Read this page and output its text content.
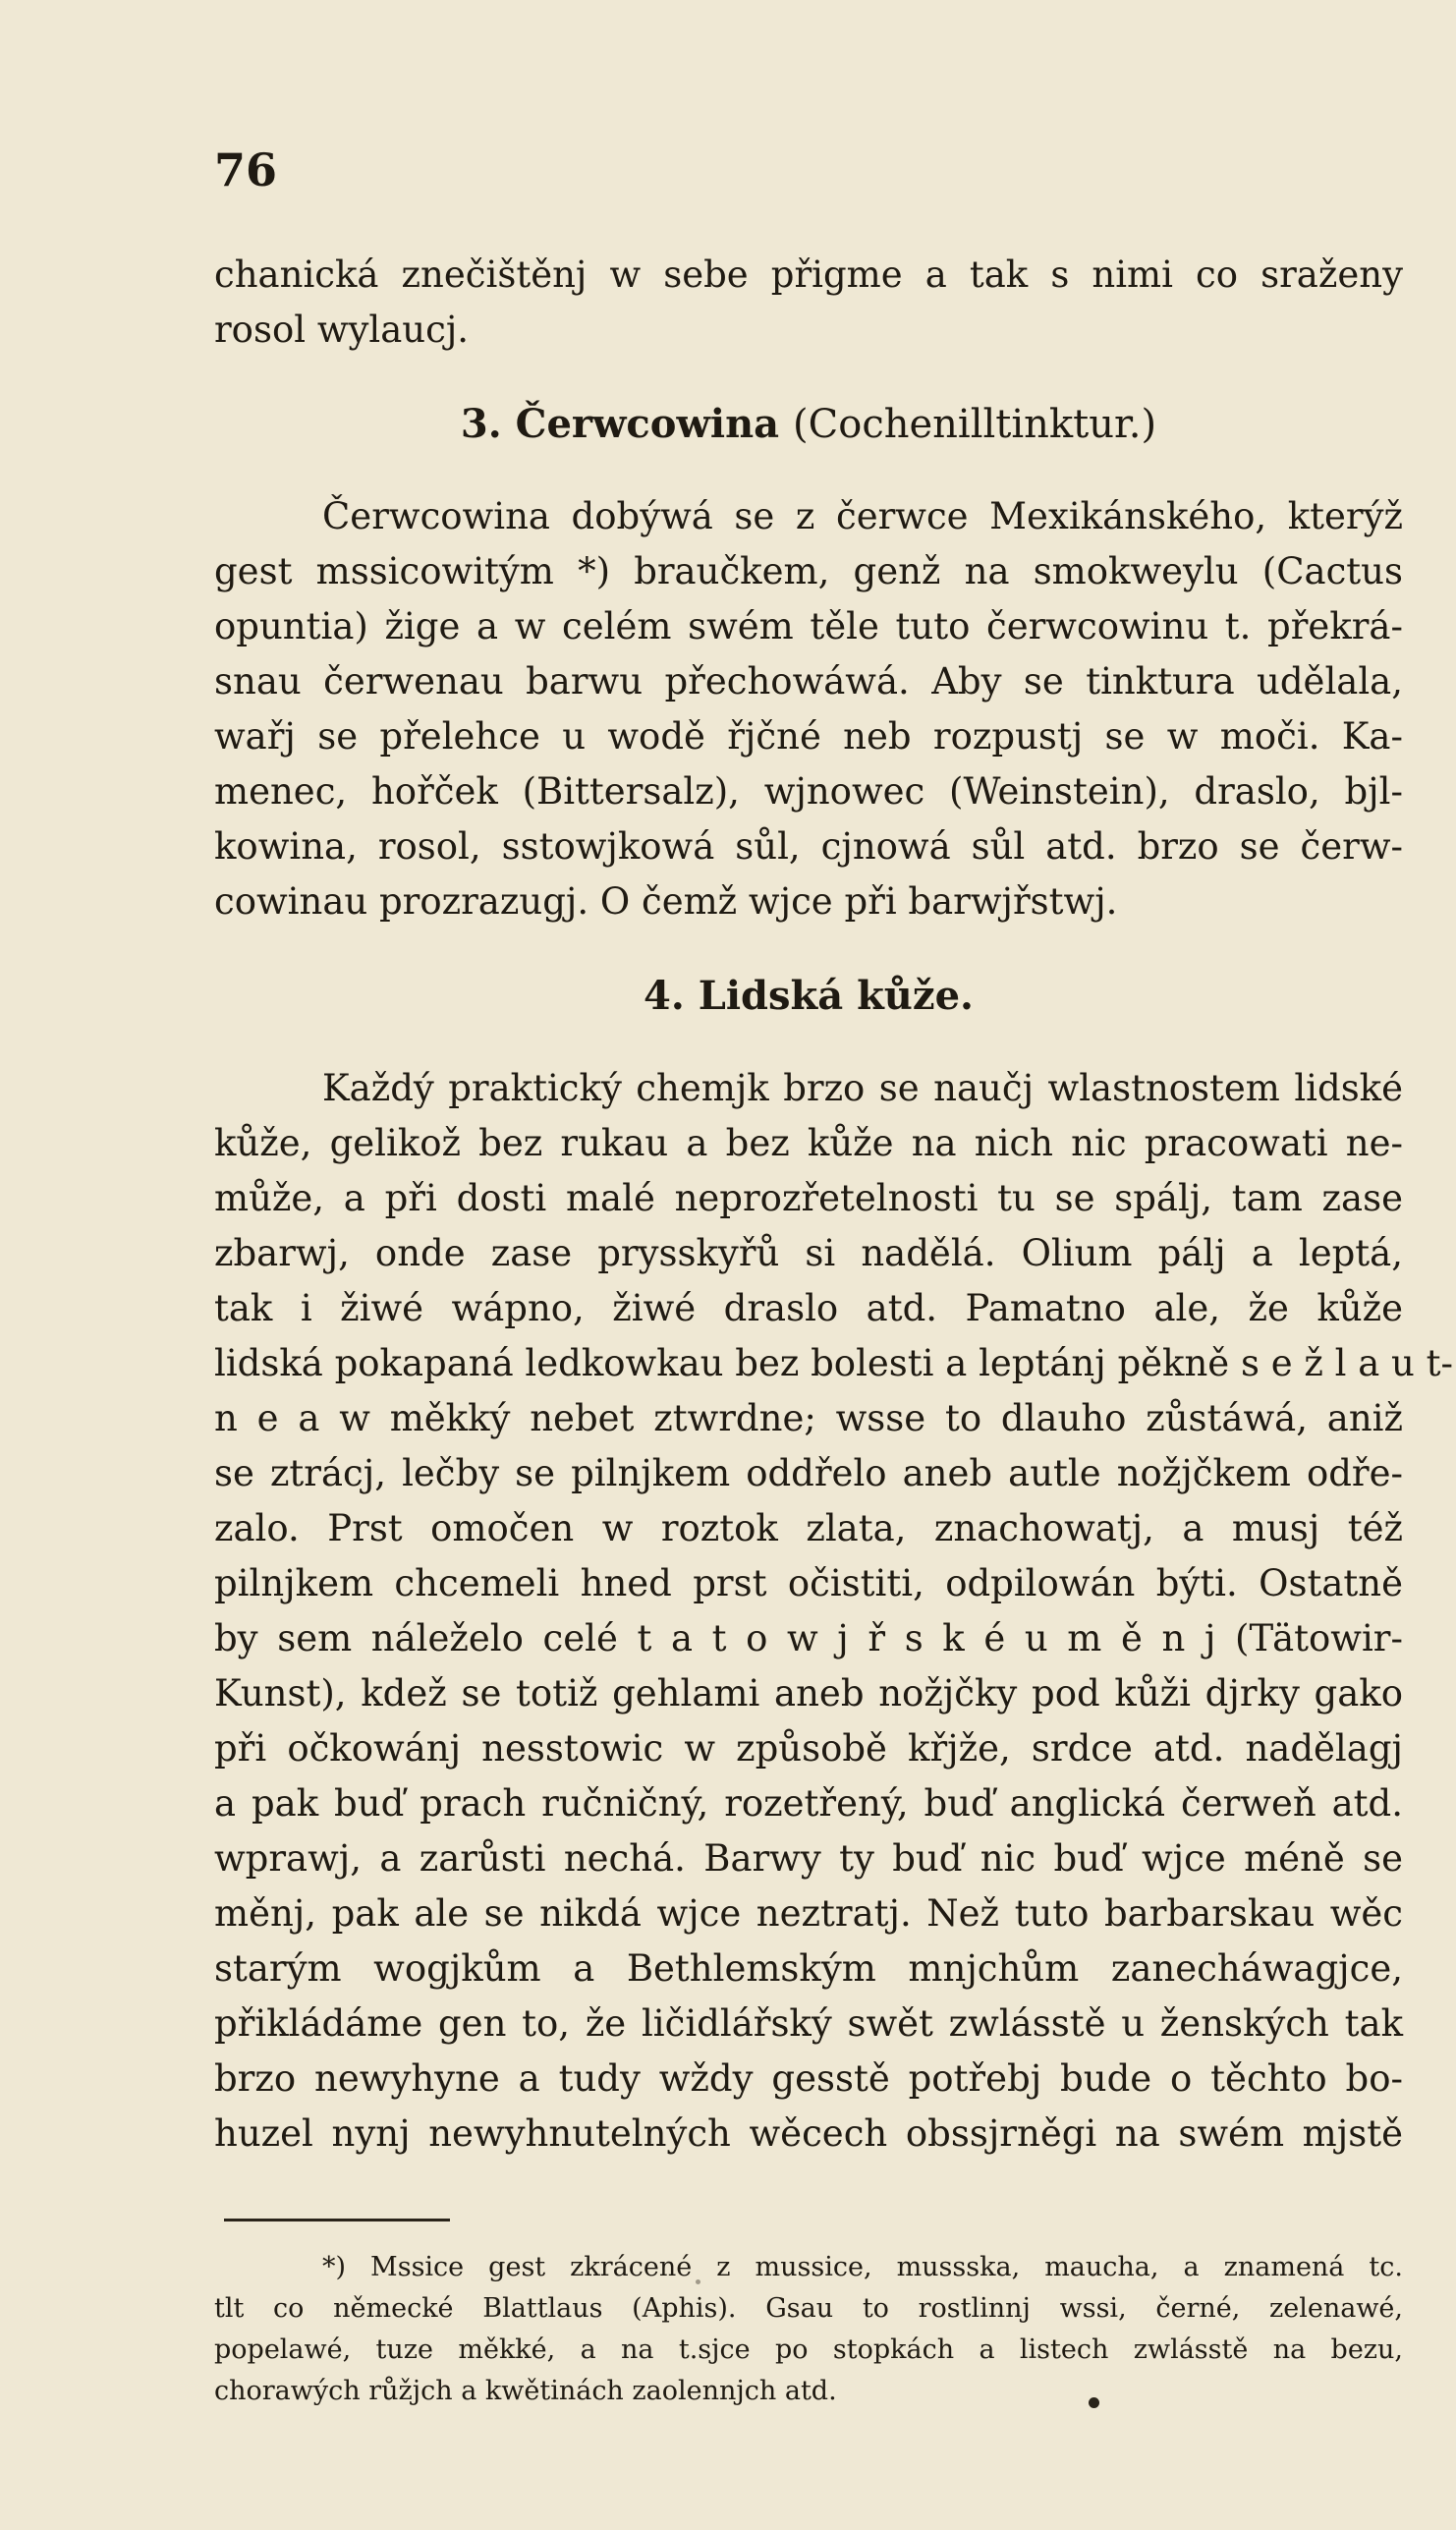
76
chanická znečištěnj w sebe přigme a tak s nimi co sraženy
rosol wylaucj.
3. Čerwcowina (Cochenilltinktur.)
Čerwcowina dobýwá se z čerwce Mexikánského, kterýž
gest mssicowitým *) braučkem, genž na smokweylu (Cactus
opuntia) žige a w celém swém těle tuto čerwcowinu t. překrá-
snau čerwenau barwu přechowáwá. Aby se tinktura udělala,
wařj se přelehce u wodě řjčné neb rozpustj se w moči. Ka-
menec, hořček (Bittersalz), wjnowec (Weinstein), draslo, bjl-
kowina, rosol, sstowjkowá sůl, cjnowá sůl atd. brzo se čerw-
cowinau prozrazugj. O čemž wjce při barwjřstwj.
4. Lidská kůže.
Každý praktický chemjk brzo se naučj wlastnostem lidské
kůže, gelikož bez rukau a bez kůže na nich nic pracowati ne-
může, a při dosti malé neprozřetelnosti tu se spálj, tam zase
zbarwj, onde zase prysskyřů si nadělá. Olium pálj a leptá,
tak i žiwé wápno, žiwé draslo atd. Pamatno ale, že kůže
lidská pokapaná ledkowkau bez bolesti a leptánj pěkně s e ž l a u t-
n e a w měkký nebet ztwrdne; wsse to dlauho zůstáwá, aniž
se ztrácj, lečby se pilnjkem oddřelo aneb autle nožjčkem odře-
zalo. Prst omočen w roztok zlata, znachowatj, a musj též
pilnjkem chcemeli hned prst očistiti, odpilowán býti. Ostatně
by sem náleželo celé t a t o w j ř s k é u m ě n j (Tätowir-
Kunst), kdež se totiž gehlami aneb nožjčky pod kůži djrky gako
při očkowánj nesstowic w způsobě křjže, srdce atd. nadělagj
a pak buď prach ručničný, rozetřený, buď anglická čerweň atd.
wprawj, a zarůsti nechá. Barwy ty buď nic buď wjce méně se
měnj, pak ale se nikdá wjce neztratj. Než tuto barbarskau wěc
starým wogjkům a Bethlemským mnjchům zanecháwagjce,
přikládáme gen to, že ličidlářský swět zwlásstě u ženských tak
brzo newyhyne a tudy wždy gesstě potřebj bude o těchto bo-
huzel nynj newyhnutelných wěcech obssjrněgi na swém mjstě
*) Mssice gest zkrácené z mussice, mussska, maucha, a znamená tc.
tlt co německé Blattlaus (Aphis). Gsau to rostlinnj wssi, černé, zelenawé,
popelawé, tuze měkké, a na t.sjce po stopkách a listech zwlásstě na bezu,
chorawých růžjch a kwětinách zaolennjch atd.
